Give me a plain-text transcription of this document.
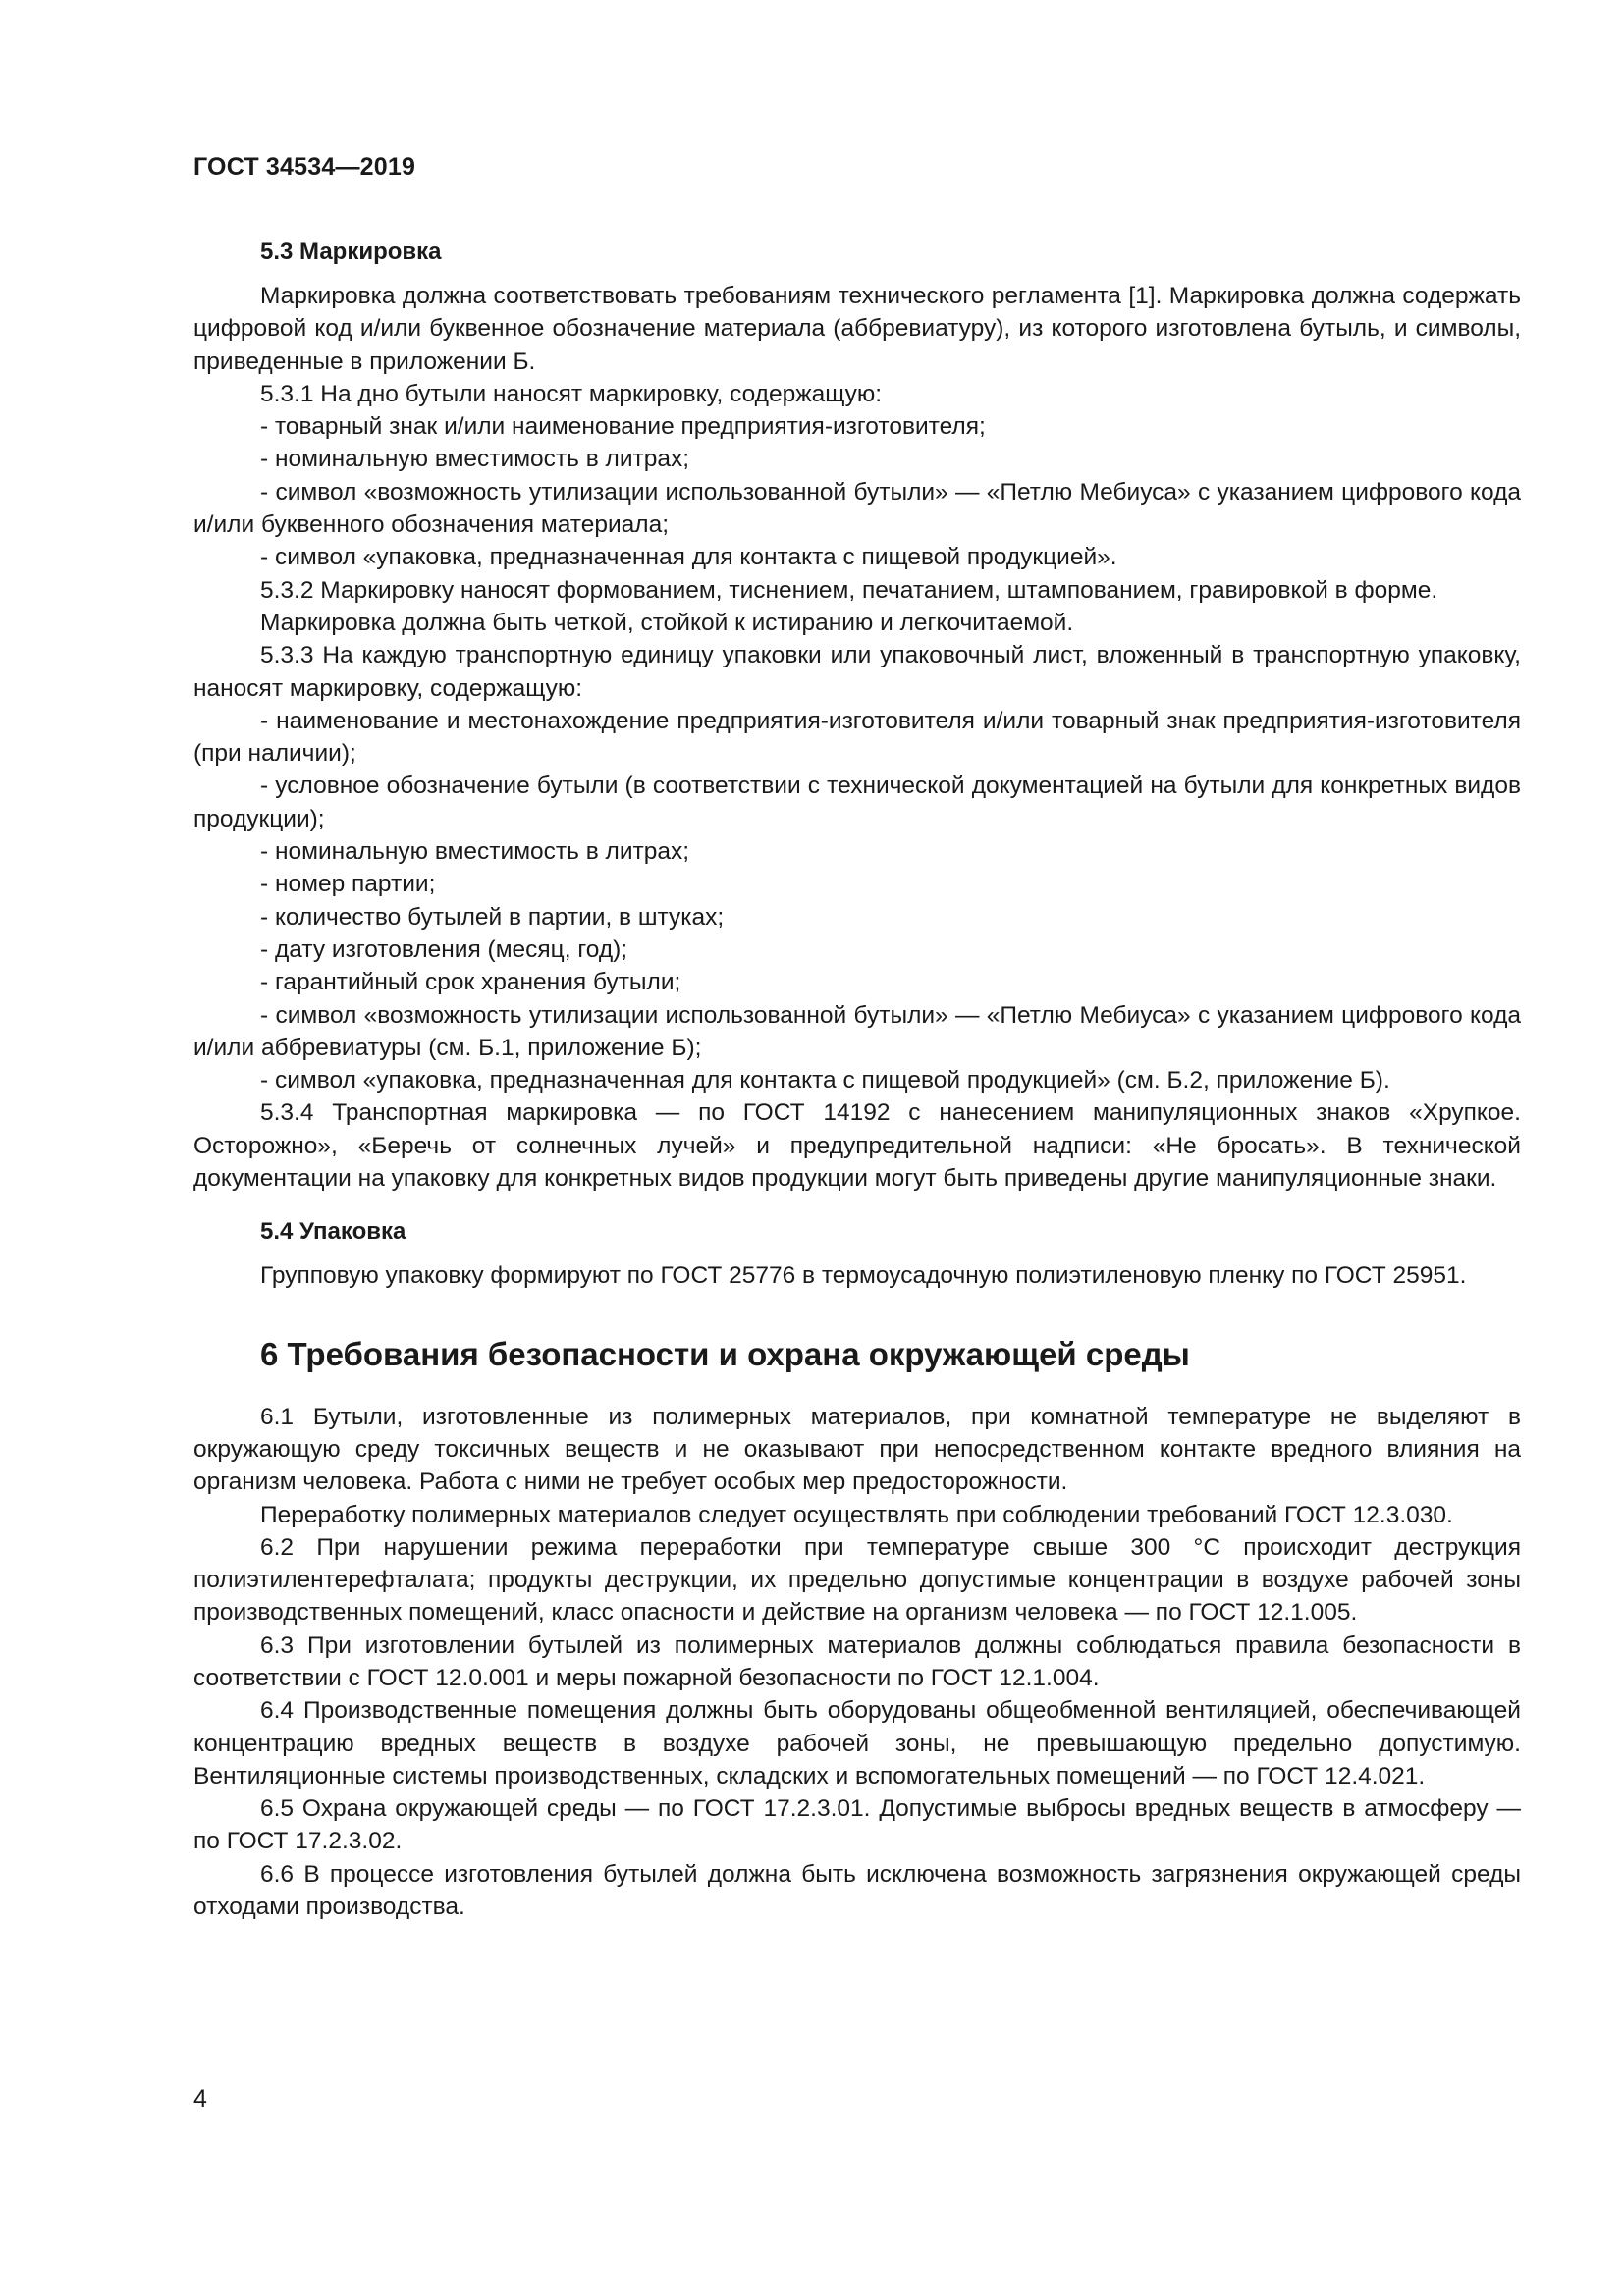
ГОСТ 34534—2019
5.3 Маркировка

Маркировка должна соответствовать требованиям технического регламента [1]. Маркировка должна содержать цифровой код и/или буквенное обозначение материала (аббревиатуру), из которого изготовлена бутыль, и символы, приведенные в приложении Б.

5.3.1 На дно бутыли наносят маркировку, содержащую:

- товарный знак и/или наименование предприятия-изготовителя;

- номинальную вместимость в литрах;

- символ «возможность утилизации использованной бутыли» — «Петлю Мебиуса» с указанием цифрового кода и/или буквенного обозначения материала;

- символ «упаковка, предназначенная для контакта с пищевой продукцией».

5.3.2 Маркировку наносят формованием, тиснением, печатанием, штампованием, гравировкой в форме.

Маркировка должна быть четкой, стойкой к истиранию и легкочитаемой.

5.3.3 На каждую транспортную единицу упаковки или упаковочный лист, вложенный в транспортную упаковку, наносят маркировку, содержащую:

- наименование и местонахождение предприятия-изготовителя и/или товарный знак предприятия-изготовителя (при наличии);

- условное обозначение бутыли (в соответствии с технической документацией на бутыли для конкретных видов продукции);

- номинальную вместимость в литрах;

- номер партии;

- количество бутылей в партии, в штуках;

- дату изготовления (месяц, год);

- гарантийный срок хранения бутыли;

- символ «возможность утилизации использованной бутыли» — «Петлю Мебиуса» с указанием цифрового кода и/или аббревиатуры (см. Б.1, приложение Б);

- символ «упаковка, предназначенная для контакта с пищевой продукцией» (см. Б.2, приложение Б).

5.3.4 Транспортная маркировка — по ГОСТ 14192 с нанесением манипуляционных знаков «Хрупкое. Осторожно», «Беречь от солнечных лучей» и предупредительной надписи: «Не бросать». В технической документации на упаковку для конкретных видов продукции могут быть приведены другие манипуляционные знаки.

5.4 Упаковка

Групповую упаковку формируют по ГОСТ 25776 в термоусадочную полиэтиленовую пленку по ГОСТ 25951.

6 Требования безопасности и охрана окружающей среды

6.1 Бутыли, изготовленные из полимерных материалов, при комнатной температуре не выделяют в окружающую среду токсичных веществ и не оказывают при непосредственном контакте вредного влияния на организм человека. Работа с ними не требует особых мер предосторожности.

Переработку полимерных материалов следует осуществлять при соблюдении требований ГОСТ 12.3.030.

6.2 При нарушении режима переработки при температуре свыше 300 °С происходит деструкция полиэтилентерефталата; продукты деструкции, их предельно допустимые концентрации в воздухе рабочей зоны производственных помещений, класс опасности и действие на организм человека — по ГОСТ 12.1.005.

6.3 При изготовлении бутылей из полимерных материалов должны соблюдаться правила безопасности в соответствии с ГОСТ 12.0.001 и меры пожарной безопасности по ГОСТ 12.1.004.

6.4 Производственные помещения должны быть оборудованы общеобменной вентиляцией, обеспечивающей концентрацию вредных веществ в воздухе рабочей зоны, не превышающую предельно допустимую. Вентиляционные системы производственных, складских и вспомогательных помещений — по ГОСТ 12.4.021.

6.5 Охрана окружающей среды — по ГОСТ 17.2.3.01. Допустимые выбросы вредных веществ в атмосферу — по ГОСТ 17.2.3.02.

6.6 В процессе изготовления бутылей должна быть исключена возможность загрязнения окружающей среды отходами производства.

4
